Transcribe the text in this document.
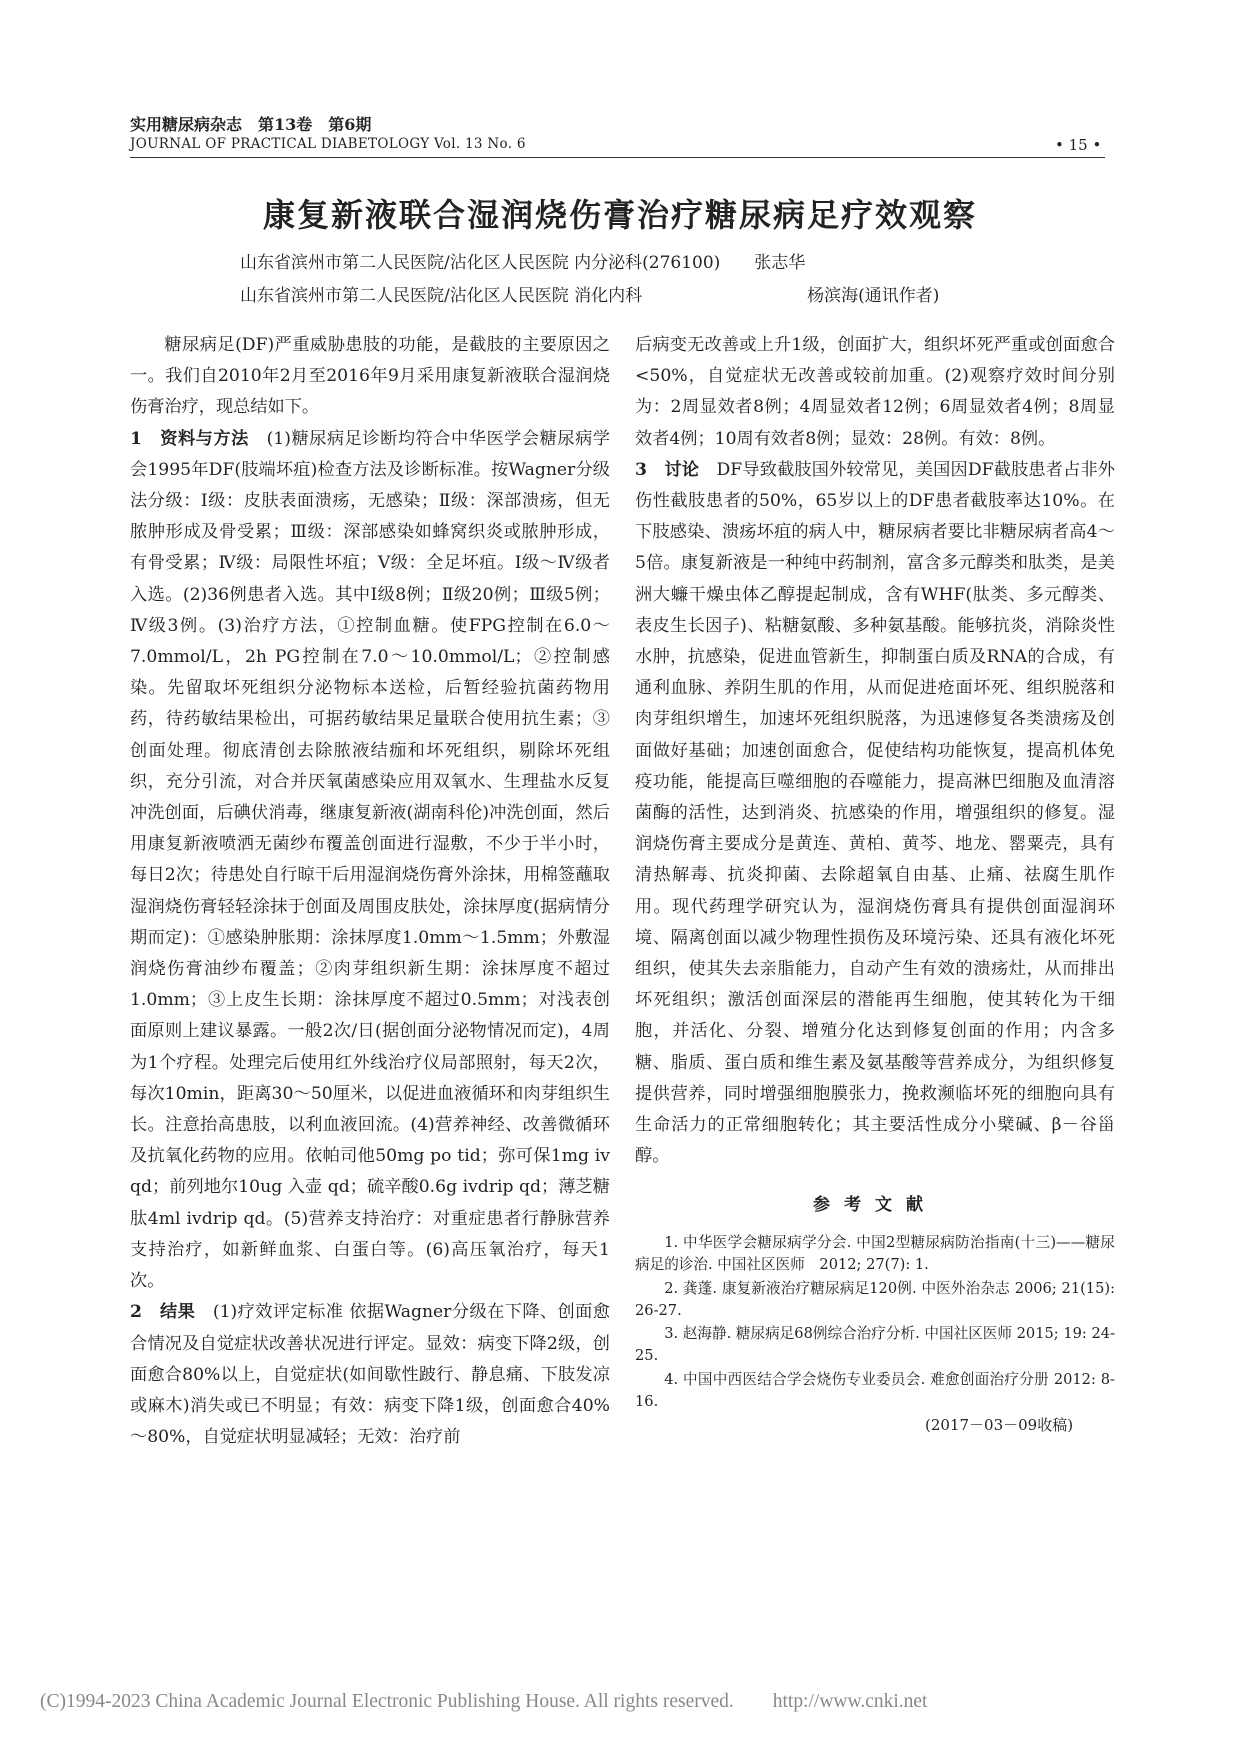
实用糖尿病杂志　第13卷　第6期
JOURNAL OF PRACTICAL DIABETOLOGY Vol. 13 No. 6	• 15 •
康复新液联合湿润烧伤膏治疗糖尿病足疗效观察
山东省滨州市第二人民医院/沾化区人民医院 内分泌科(276100) 张志华
山东省滨州市第二人民医院/沾化区人民医院 消化内科	杨滨海(通讯作者)

糖尿病足(DF)严重威胁患肢的功能，是截肢的主要原因之一。我们自2010年2月至2016年9月采用康复新液联合湿润烧伤膏治疗，现总结如下。

1　资料与方法　 (1)糖尿病足诊断均符合中华医学会糖尿病学会1995年DF(肢端坏疽)检查方法及诊断标准。按Wagner分级法分级：Ⅰ级：皮肤表面溃疡，无感染；Ⅱ级：深部溃疡，但无脓肿形成及骨受累；Ⅲ级：深部感染如蜂窝织炎或脓肿形成，有骨受累；Ⅳ级：局限性坏疽；Ⅴ级：全足坏疽。Ⅰ级～Ⅳ级者入选。(2)36例患者入选。其中Ⅰ级8例；Ⅱ级20例；Ⅲ级5例；Ⅳ级3例。(3)治疗方法，①控制血糖。使FPG控制在6.0～7.0mmol/L，2h PG控制在7.0～10.0mmol/L；②控制感染。先留取坏死组织分泌物标本送检，后暂经验抗菌药物用药，待药敏结果检出，可据药敏结果足量联合使用抗生素；③创面处理。彻底清创去除脓液结痂和坏死组织，剔除坏死组织，充分引流，对合并厌氧菌感染应用双氧水、生理盐水反复冲洗创面，后碘伏消毒，继康复新液(湖南科伦)冲洗创面，然后用康复新液喷洒无菌纱布覆盖创面进行湿敷，不少于半小时，每日2次；待患处自行晾干后用湿润烧伤膏外涂抹，用棉签蘸取湿润烧伤膏轻轻涂抹于创面及周围皮肤处，涂抹厚度(据病情分期而定)：①感染肿胀期：涂抹厚度1.0mm～1.5mm；外敷湿润烧伤膏油纱布覆盖；②肉芽组织新生期：涂抹厚度不超过1.0mm；③上皮生长期：涂抹厚度不超过0.5mm；对浅表创面原则上建议暴露。一般2次/日(据创面分泌物情况而定)，4周为1个疗程。处理完后使用红外线治疗仪局部照射，每天2次，每次10min，距离30～50厘米，以促进血液循环和肉芽组织生长。注意抬高患肢，以利血液回流。(4)营养神经、改善微循环及抗氧化药物的应用。依帕司他50mg po tid；弥可保1mg iv qd；前列地尔10ug 入壶 qd；硫辛酸0.6g ivdrip qd；薄芝糖肽4ml ivdrip qd。(5)营养支持治疗：对重症患者行静脉营养支持治疗，如新鲜血浆、白蛋白等。(6)高压氧治疗，每天1次。

2　结果　 (1)疗效评定标准 依据Wagner分级在下降、创面愈合情况及自觉症状改善状况进行评定。显效：病变下降2级，创面愈合80%以上，自觉症状(如间歇性跛行、静息痛、下肢发凉或麻木)消失或已不明显；有效：病变下降1级，创面愈合40%～80%，自觉症状明显减轻；无效：治疗前

后病变无改善或上升1级，创面扩大，组织坏死严重或创面愈合<50%，自觉症状无改善或较前加重。(2)观察疗效时间分别为：2周显效者8例；4周显效者12例；6周显效者4例；8周显效者4例；10周有效者8例；显效：28例。有效：8例。

3　讨论　 DF导致截肢国外较常见，美国因DF截肢患者占非外伤性截肢患者的50%，65岁以上的DF患者截肢率达10%。在下肢感染、溃疡坏疽的病人中，糖尿病者要比非糖尿病者高4～5倍。康复新液是一种纯中药制剂，富含多元醇类和肽类，是美洲大蠊干燥虫体乙醇提起制成，含有WHF(肽类、多元醇类、表皮生长因子)、粘糖氨酸、多种氨基酸。能够抗炎，消除炎性水肿，抗感染，促进血管新生，抑制蛋白质及RNA的合成，有通利血脉、养阴生肌的作用，从而促进疮面坏死、组织脱落和肉芽组织增生，加速坏死组织脱落，为迅速修复各类溃疡及创面做好基础；加速创面愈合，促使结构功能恢复，提高机体免疫功能，能提高巨噬细胞的吞噬能力，提高淋巴细胞及血清溶菌酶的活性，达到消炎、抗感染的作用，增强组织的修复。湿润烧伤膏主要成分是黄连、黄柏、黄芩、地龙、罂粟壳，具有清热解毒、抗炎抑菌、去除超氧自由基、止痛、祛腐生肌作用。现代药理学研究认为，湿润烧伤膏具有提供创面湿润环境、隔离创面以减少物理性损伤及环境污染、还具有液化坏死组织，使其失去亲脂能力，自动产生有效的溃疡灶，从而排出坏死组织；激活创面深层的潜能再生细胞，使其转化为干细胞，并活化、分裂、增殖分化达到修复创面的作用；内含多糖、脂质、蛋白质和维生素及氨基酸等营养成分，为组织修复提供营养，同时增强细胞膜张力，挽救濒临坏死的细胞向具有生命活力的正常细胞转化；其主要活性成分小檗碱、β－谷甾醇。

参考文献

1. 中华医学会糖尿病学分会. 中国2型糖尿病防治指南(十三)——糖尿病足的诊治. 中国社区医师　2012; 27(7): 1.

2. 龚蓬. 康复新液治疗糖尿病足120例. 中医外治杂志 2006; 21(15): 26-27.

3. 赵海静. 糖尿病足68例综合治疗分析. 中国社区医师 2015; 19: 24-25.

4. 中国中西医结合学会烧伤专业委员会. 难愈创面治疗分册 2012: 8-16.

(2017－03－09收稿)
(C)1994-2023 China Academic Journal Electronic Publishing House. All rights reserved.　　http://www.cnki.net
